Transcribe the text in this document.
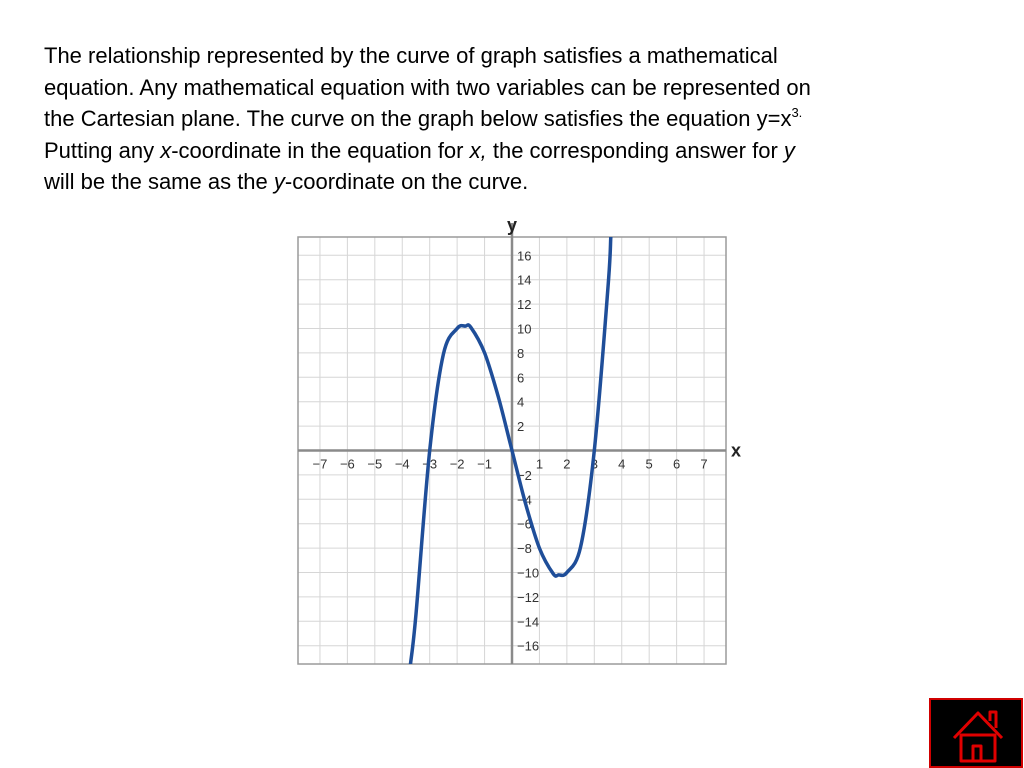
The relationship represented by the curve of graph satisfies a mathematical
equation. Any mathematical equation with two variables can be represented on
the Cartesian plane. The curve on the graph below satisfies the equation $y=x^{3.}$
Putting any x-coordinate in the equation for x, the corresponding answer for y
will be the same as the y-coordinate on the curve.

−7 −6 −5 −4 −3 −2 −1	1 2 3 4 5 6 7
16
14
12
10
8
6
4
2
−2
−4
−6
−8
−10
−12
−14
−16
x
y
